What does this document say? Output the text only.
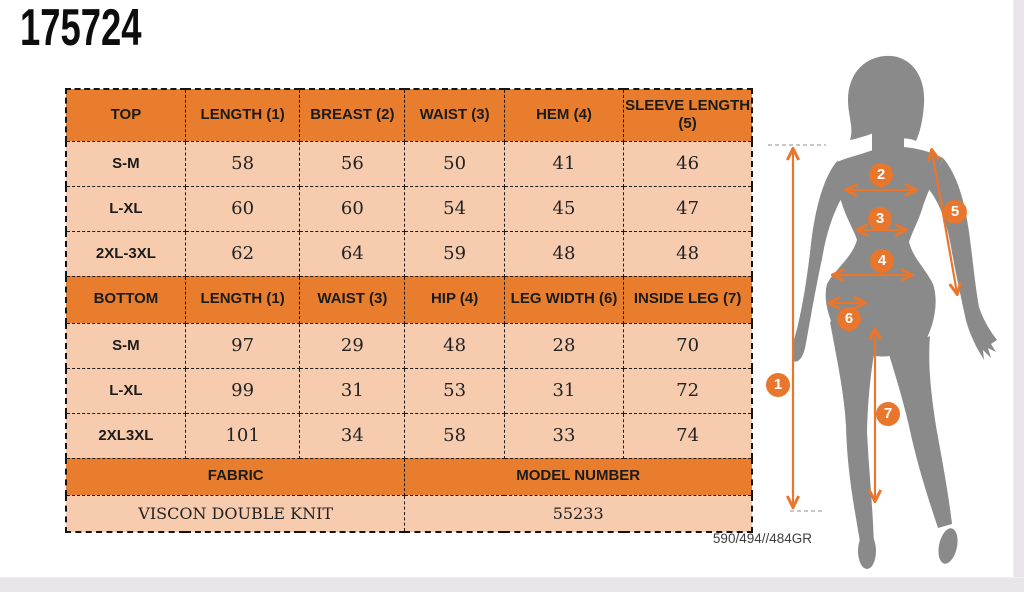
175724
TOP	LENGTH (1)	BREAST (2)	WAIST (3)	HEM (4)	SLEEVE LENGTH (5)
S-M	58	56	50	41	46
L-XL	60	60	54	45	47
2XL-3XL	62	64	59	48	48
BOTTOM	LENGTH (1)	WAIST (3)	HIP (4)	LEG WIDTH (6)	INSIDE LEG (7)
S-M	97	29	48	28	70
L-XL	99	31	53	31	72
2XL3XL	101	34	58	33	74
FABRIC			MODEL NUMBER		
VISCON DOUBLE KNIT			55233		
590/494//484GR
1
2
3
4
5
6
7
